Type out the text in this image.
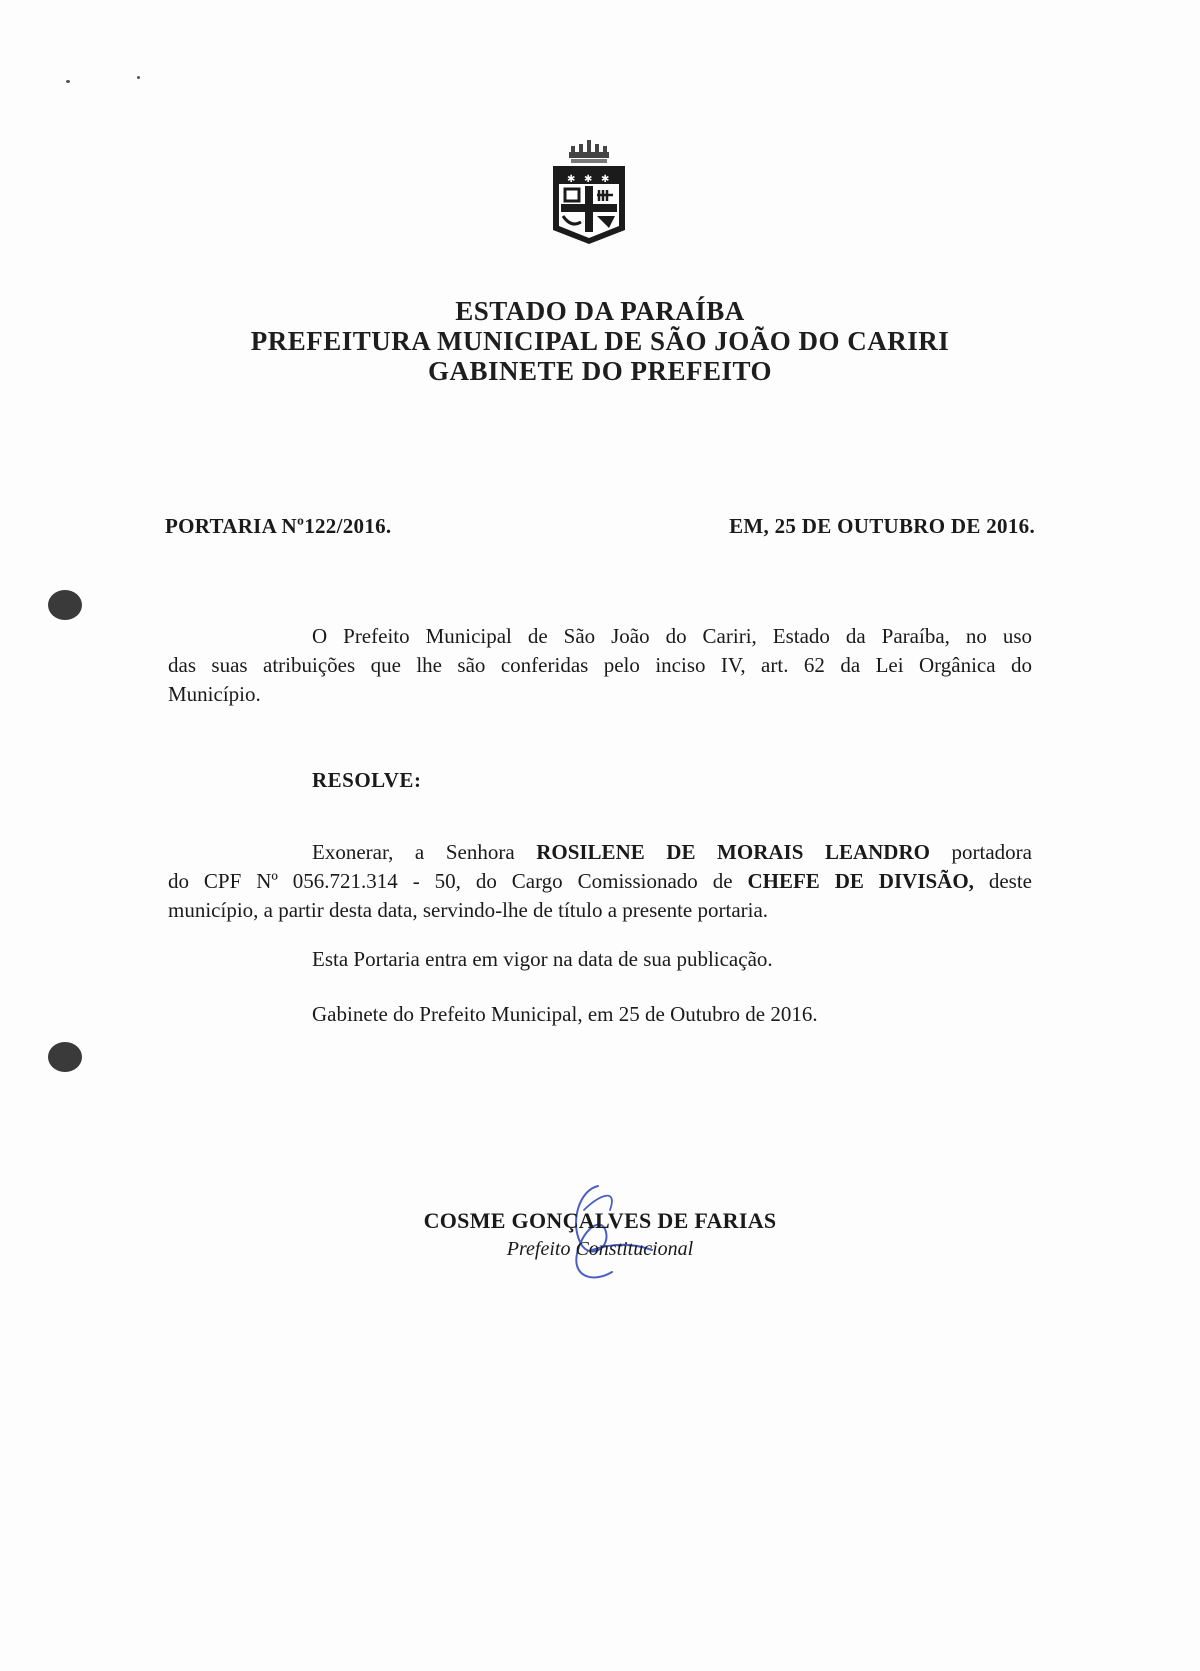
✱ ✱ ✱
ESTADO DA PARAÍBA
PREFEITURA MUNICIPAL DE SÃO JOÃO DO CARIRI
GABINETE DO PREFEITO
PORTARIA Nº122/2016.	EM, 25 DE OUTUBRO DE 2016.
O Prefeito Municipal de São João do Cariri, Estado da Paraíba, no uso
das suas atribuições que lhe são conferidas pelo inciso IV, art. 62 da Lei Orgânica do
Município.
RESOLVE:
Exonerar, a Senhora ROSILENE DE MORAIS LEANDRO portadora
do CPF Nº 056.721.314 - 50, do Cargo Comissionado de CHEFE DE DIVISÃO, deste
município, a partir desta data, servindo-lhe de título a presente portaria.
Esta Portaria entra em vigor na data de sua publicação.
Gabinete do Prefeito Municipal, em 25 de Outubro de 2016.
COSME GONÇALVES DE FARIAS
Prefeito Constitucional
